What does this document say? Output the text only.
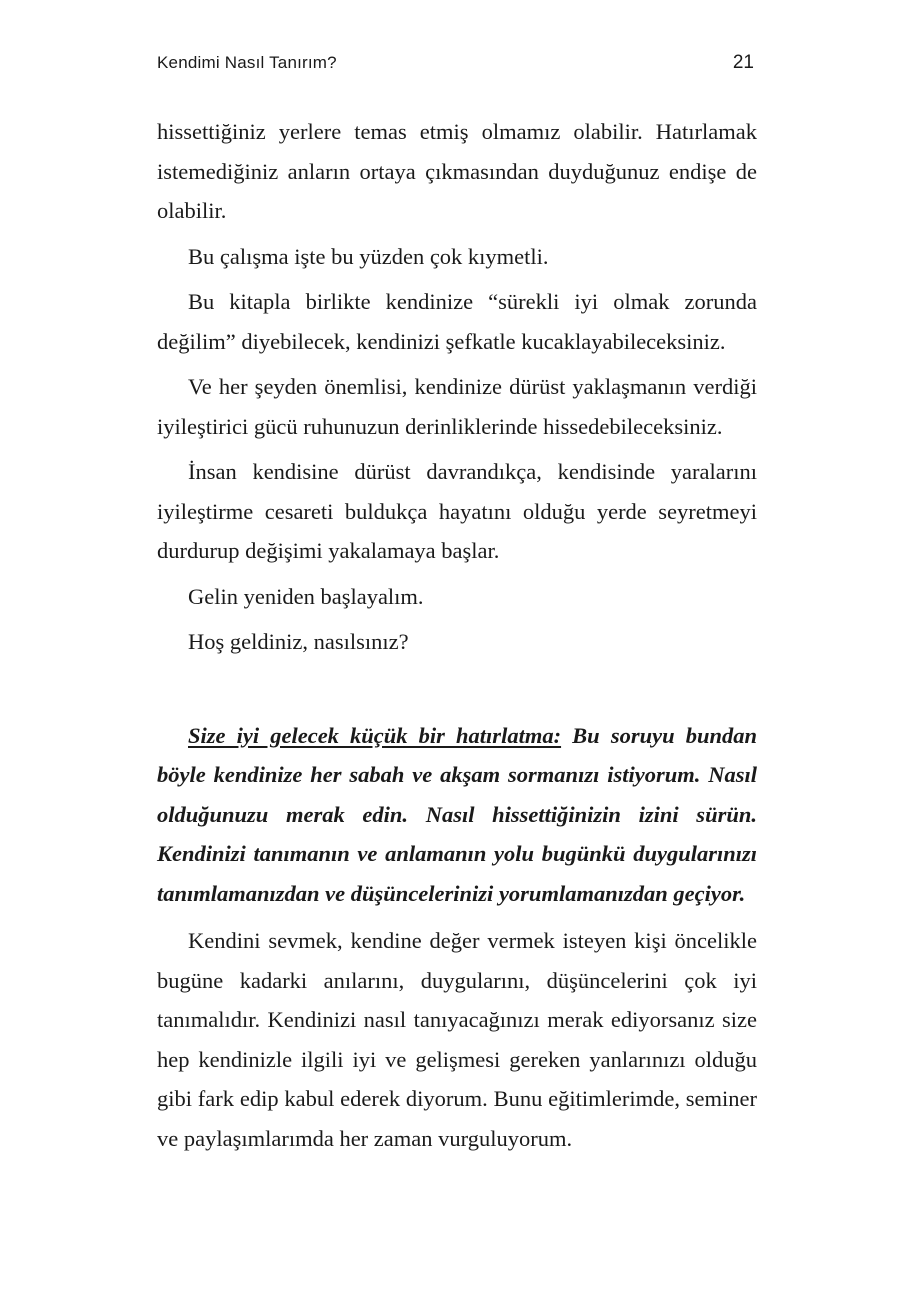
Kendimi Nasıl Tanırım?	21

hissettiğiniz yerlere temas etmiş olmamız olabilir. Hatırlamak istemediğiniz anların ortaya çıkmasından duyduğunuz endişe de olabilir.

Bu çalışma işte bu yüzden çok kıymetli.

Bu kitapla birlikte kendinize “sürekli iyi olmak zorunda değilim” diyebilecek, kendinizi şefkatle kucaklayabileceksiniz.

Ve her şeyden önemlisi, kendinize dürüst yaklaşmanın verdiği iyileştirici gücü ruhunuzun derinliklerinde hissedebileceksiniz.

İnsan kendisine dürüst davrandıkça, kendisinde yaralarını iyileştirme cesareti buldukça hayatını olduğu yerde seyretmeyi durdurup değişimi yakalamaya başlar.

Gelin yeniden başlayalım.

Hoş geldiniz, nasılsınız?

Size iyi gelecek küçük bir hatırlatma: Bu soruyu bundan böyle kendinize her sabah ve akşam sormanızı istiyorum. Nasıl olduğunuzu merak edin. Nasıl hissettiğinizin izini sürün. Kendinizi tanımanın ve anlamanın yolu bugünkü duygularınızı tanımlamanızdan ve düşüncelerinizi yorumlamanızdan geçiyor.

Kendini sevmek, kendine değer vermek isteyen kişi öncelikle bugüne kadarki anılarını, duygularını, düşüncelerini çok iyi tanımalıdır. Kendinizi nasıl tanıyacağınızı merak ediyorsanız size hep kendinizle ilgili iyi ve gelişmesi gereken yanlarınızı olduğu gibi fark edip kabul ederek diyorum. Bunu eğitimlerimde, seminer ve paylaşımlarımda her zaman vurguluyorum.
